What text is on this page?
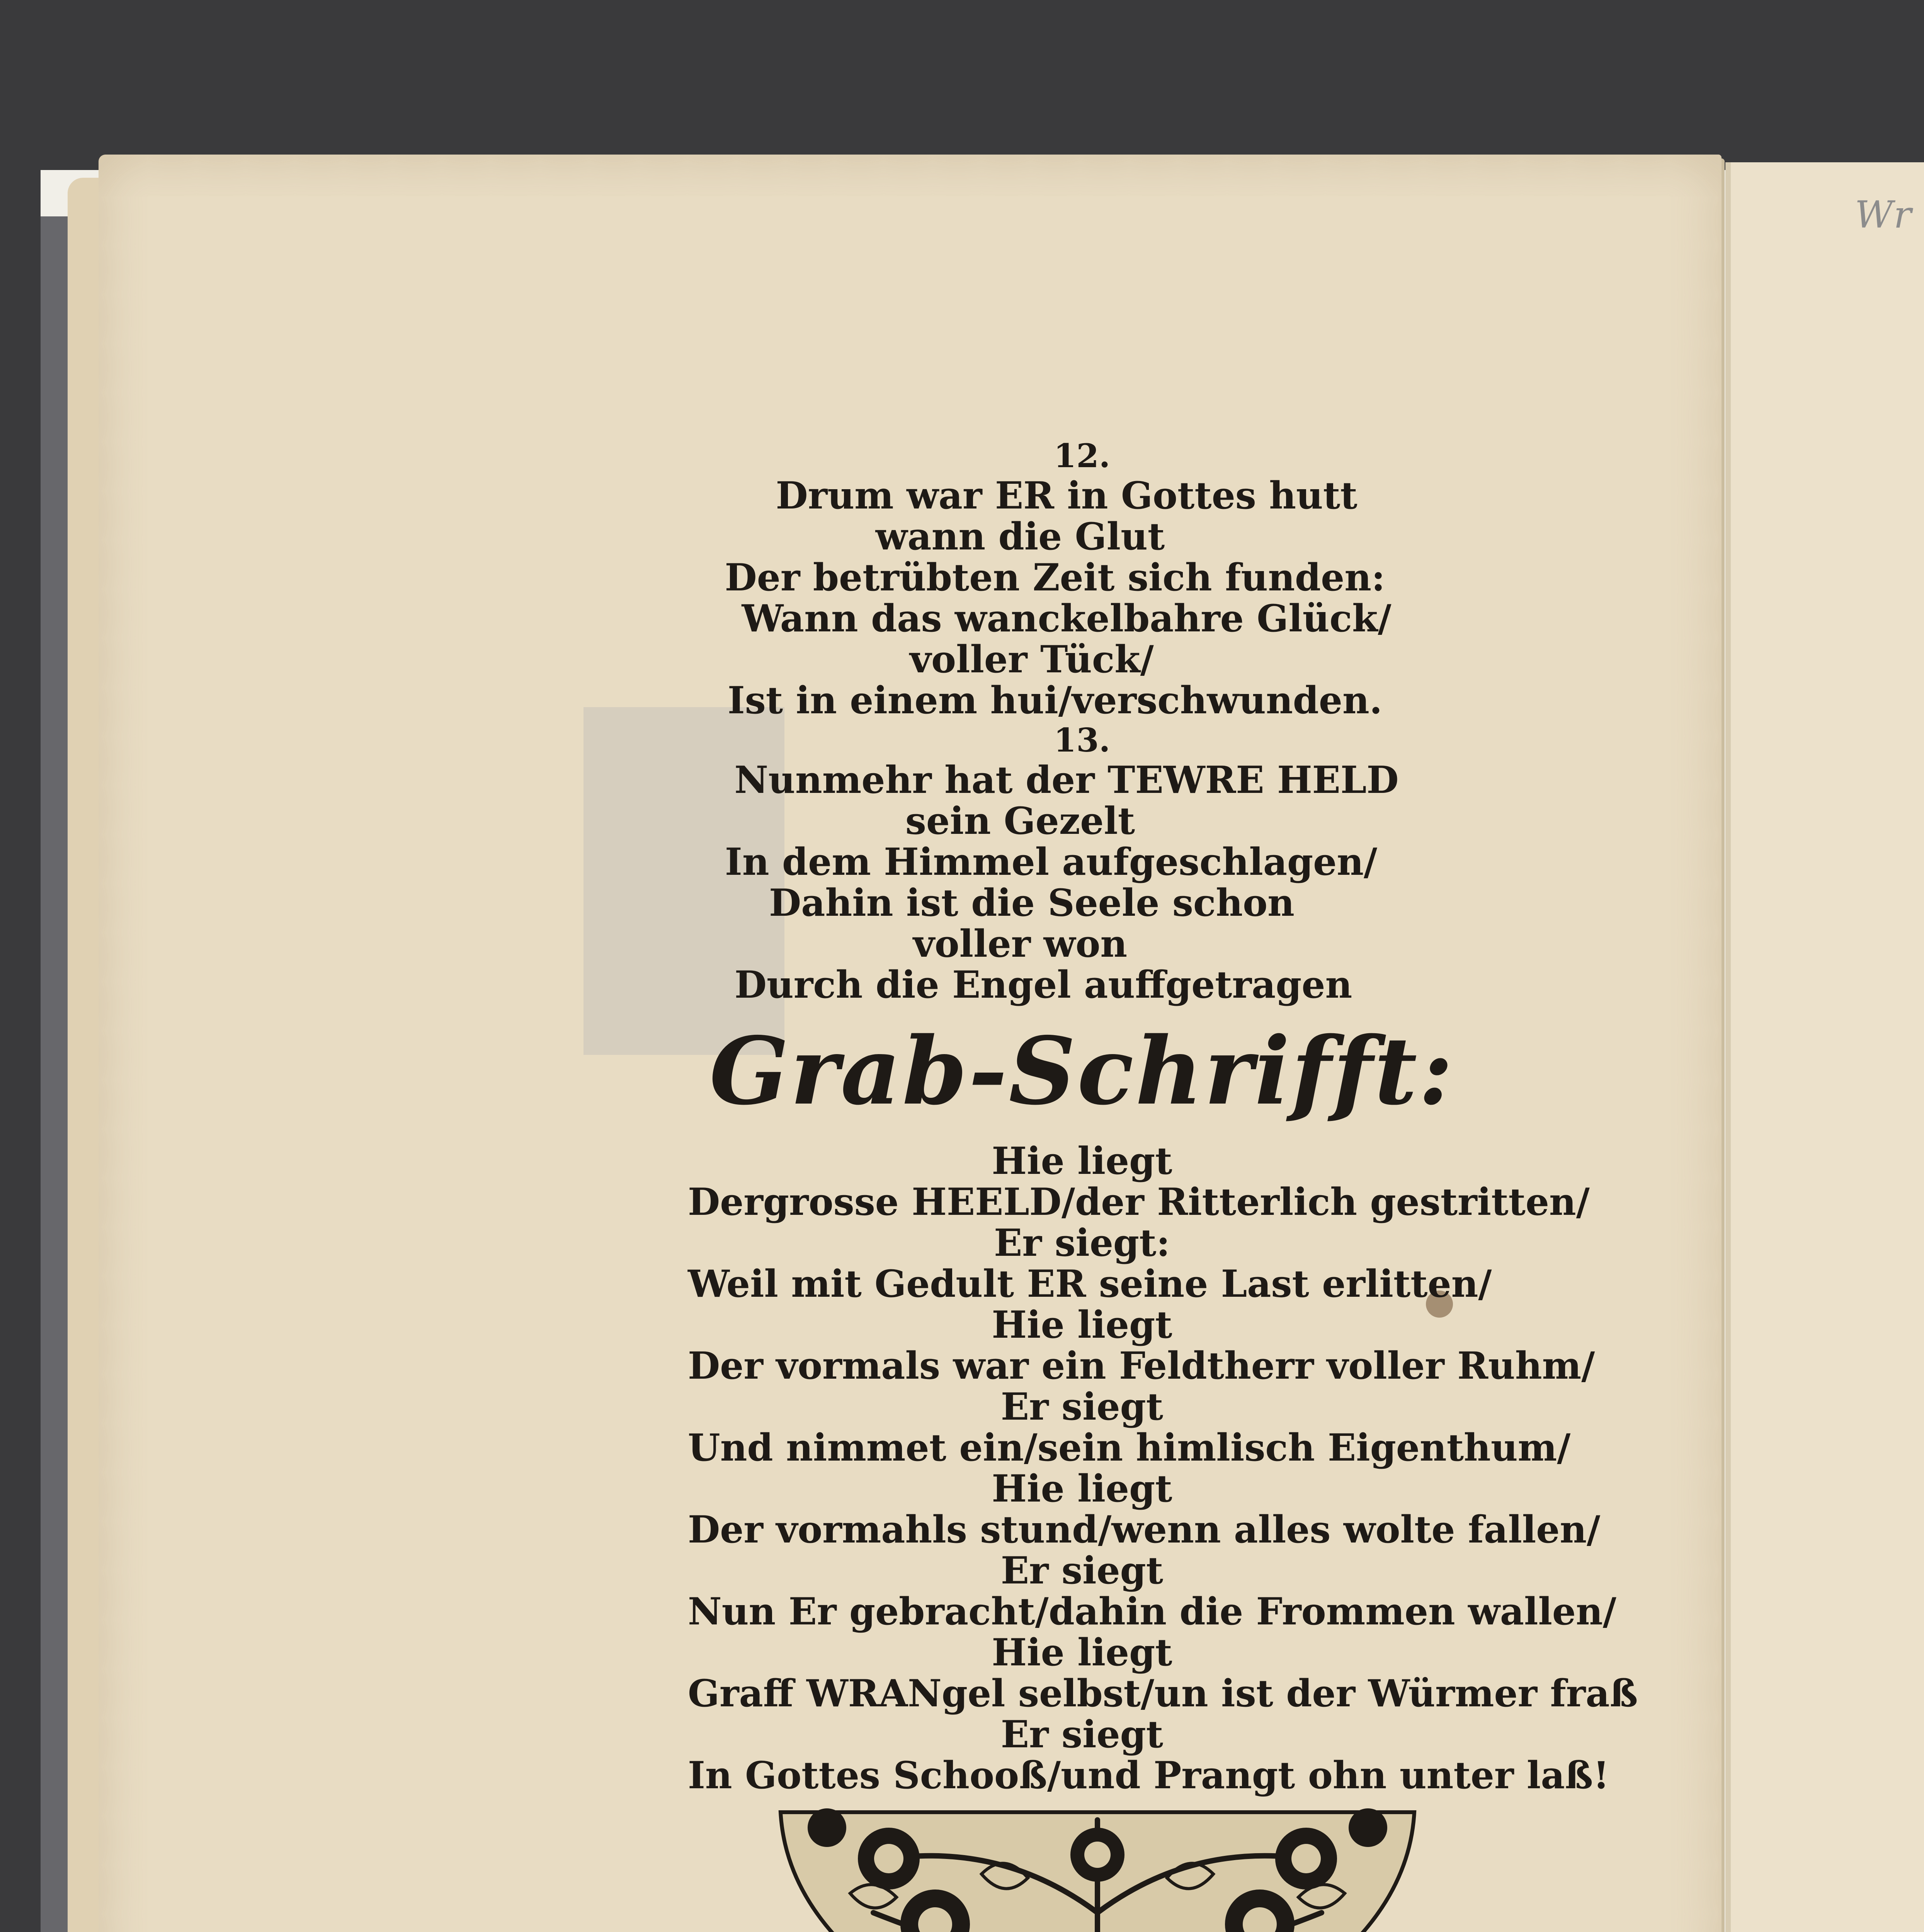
Wr
12.
Drum war ER in Gottes hutt
wann die Glut
Der betrübten Zeit sich funden:
Wann das wanckelbahre Glück/
voller Tück/
Ist in einem hui/verschwunden.
13.
Nunmehr hat der TEWRE HELD
sein Gezelt
In dem Himmel aufgeschlagen/
Dahin ist die Seele schon
voller won
Durch die Engel auffgetragen
Grab-Schrifft:
Hie liegt
Dergrosse HEELD/der Ritterlich gestritten/
Er siegt:
Weil mit Gedult ER seine Last erlitten/
Hie liegt
Der vormals war ein Feldtherr voller Ruhm/
Er siegt
Und nimmet ein/sein himlisch Eigenthum/
Hie liegt
Der vormahls stund/wenn alles wolte fallen/
Er siegt
Nun Er gebracht/dahin die Frommen wallen/
Hie liegt
Graff WRANgel selbst/un ist der Würmer fraß
Er siegt
In Gottes Schooß/und Prangt ohn unter laß!
